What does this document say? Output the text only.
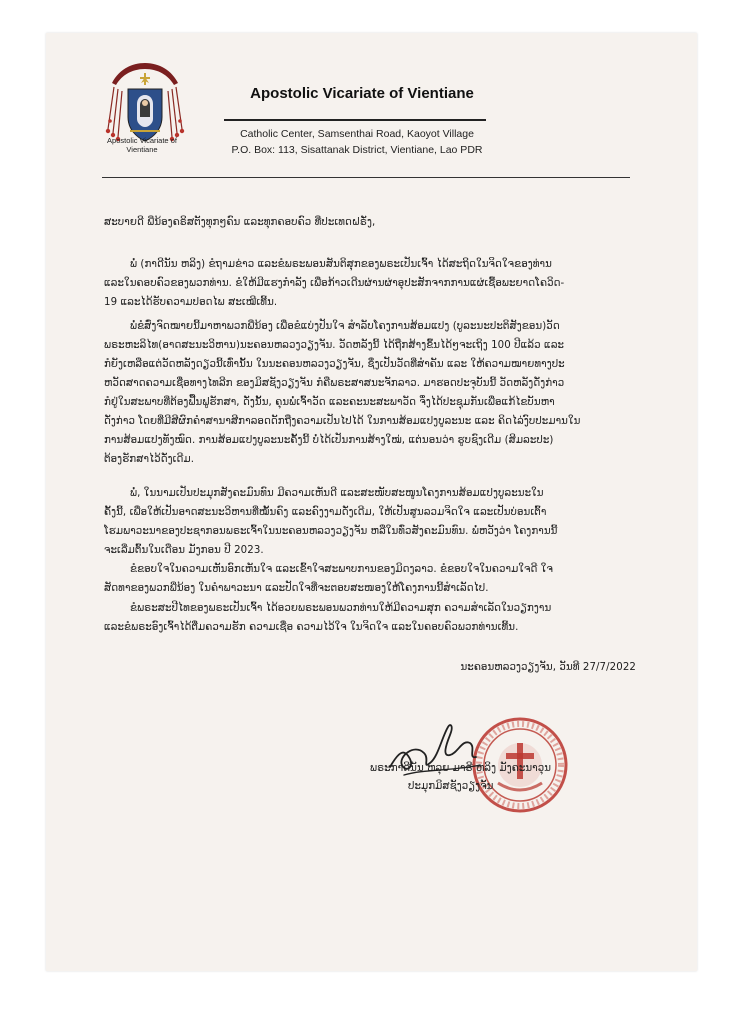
Apostolic Vicariate of Vientiane
Apostolic Vicariate of Vientiane
Catholic Center, Samsenthai Road, Kaoyot Village
P.O. Box: 113, Sisattanak District, Vientiane, Lao PDR
ສະບາຍດີ ພີ່ນ້ອງຄຣິສຕັງທຸກໆຄົນ ແລະທຸກຄອບຄົວ ທີ່ປະເທດຝຣັ່ງ,
ພໍ່ (ກາດີນັນ ຫລິງ) ຂໍຖາມຂ່າວ ແລະຂໍພຣະພອນສັນຕິສຸກຂອງພຣະເປັນເຈົ້າ ໄດ້ສະຖິດໃນຈິດໃຈຂອງທ່ານ
ແລະໃນຄອບຄົວຂອງພວກທ່ານ. ຂໍໃຫ້ມີແຮງກຳລັງ ເພື່ອກ້າວເດີນຜ່ານຜ່າອຸປະສັກຈາກການແຜ່ເຊື້ອພະຍາດໂຄວິດ-
19 ແລະໄດ້ຮັບຄວາມປອດໄພ ສະເໝີເທີ້ນ.
ພໍ່ຂໍສົ່ງຈົດໝາຍນີ້ມາຫາພວກພີ່ນ້ອງ ເພື່ອຂໍແບ່ງປັນໃຈ ສຳລັບໂຄງການສ້ອມແປງ (ບູລະນະປະຕິສັງຂອນ)ວັດ
ພຣະຫະລິໄທ(ອາດສະນະວິຫານ)ນະຄອນຫລວງວຽງຈັນ. ວັດຫລັງນີ້ ໄດ້ຖືກສ້າງຂຶ້ນໄດ້ໆຈະເຖິງ 100 ປີແລ້ວ ແລະ
ກໍຍັງເຫລືອແຕ່ວັດຫລັງດຽວນີ້ເທົ່ານັ້ນ ໃນນະຄອນຫລວງວຽງຈັນ, ຊຶ່ງເປັນວັດທີ່ສຳຄັນ ແລະ ໃຫ້ຄວາມໝາຍທາງປະ
ຫວັດສາດຄວາມເຊື່ອທາງໄທລີກ ຂອງມິສຊັງວຽງຈັນ ກໍຄືພຣະສາສນະຈັກລາວ. ມາຮອດປະຈຸບັນນີ້ ວັດຫລັງດັ່ງກ່າວ
ກໍຢູ່ໃນສະພາບທີ່ຕ້ອງຟື້ນຟູຮັກສາ, ດັ່ງນັ້ນ, ຄຸນພໍ່ເຈົ້າວັດ ແລະຄະນະສະພາວັດ ຈຶ່ງໄດ້ປະຊຸມກັນເພື່ອແກ້ໄຂບັນຫາ
ດັ່ງກ່າວ ໂດຍທີ່ມີສີຜົກຄຳສານາສີກາລອດດັກຖືງຄວາມເປັນໄປໄດ້ ໃນການສ້ອມແປງບູລະນະ ແລະ ຄິດໄລ່ງົບປະມານໃນ
ການສ້ອມແປງທັງໝົດ. ການສ້ອມແປງບູລະນະຄັ້ງນີ້ ບໍ່ໄດ້ເປັນການສ້າງໃໝ່, ແຕ່ນອນວ່າ ຮູບຊົງເດີມ (ສິມລະປະ)
ຕ້ອງຮັກສາໄວ້ດັ່ງເດີມ.
ພໍ່, ໃນນາມເປັນປະມຸກສັງຄະມົນທົນ ມີຄວາມເຫັນດີ ແລະສະໜັບສະໜູນໂຄງການສ້ອມແປງບູລະນະໃນ
ຄັ້ງນີ້, ເພື່ອໃຫ້ເປັນອາດສະນະວິຫານທີ່ໝັ້ນຄົງ ແລະຄົງງາມດັ່ງເດີມ, ໃຫ້ເປັນສູນລວມຈິດໃຈ ແລະເປັນບ່ອນເຕົ້າ
ໂຮມພາວະນາຂອງປະຊາກອນພຣະເຈົ້າໃນນະຄອນຫລວງວຽງຈັນ ຫລືໃນທົ່ວສັງຄະມົນທົນ. ພໍ່ຫວັງວ່າ ໂຄງການນີ້
ຈະເລີ່ມຕົ້ນໃນເດືອນ ມັງກອນ ປີ 2023.
ຂໍຂອບໃຈໃນຄວາມເຫັນອົກເຫັນໃຈ ແລະເຂົ້າໃຈສະພາບການຂອງມິດງລາວ. ຂໍຂອບໃຈໃນຄວາມໃຈດີ ໃຈ
ສັດທາຂອງພວກພີ່ນ້ອງ ໃນຄຳພາວະນາ ແລະປັດໃຈທີ່ຈະຕອບສະໜອງໃຫ້ໂຄງການນີ້ສຳເລັດໄປ.
ຂໍພຣະສະປີໄທຂອງພຣະເປັນເຈົ້າ ໄດ້ອວຍພຣະພອນພວກທ່ານໃຫ້ມີຄວາມສຸກ ຄວາມສຳເລັດໃນວຽກງານ
ແລະຂໍພຣະອົງເຈົ້າໄດ້ຕື່ມຄວາມຮັກ ຄວາມເຊື່ອ ຄວາມໄວ້ໃຈ ໃນຈິດໃຈ ແລະໃນຄອບຄົວພວກທ່ານເທີ້ນ.
ນະຄອນຫລວງວຽງຈັນ, ວັນທີ 27/7/2022
ພຣະກາດີນັນ ຫລຸຍ ມາຣີ ຫລິງ ມັງຄະນາວຸນ
ປະມຸກມິສຊັງວຽງຈັນ
